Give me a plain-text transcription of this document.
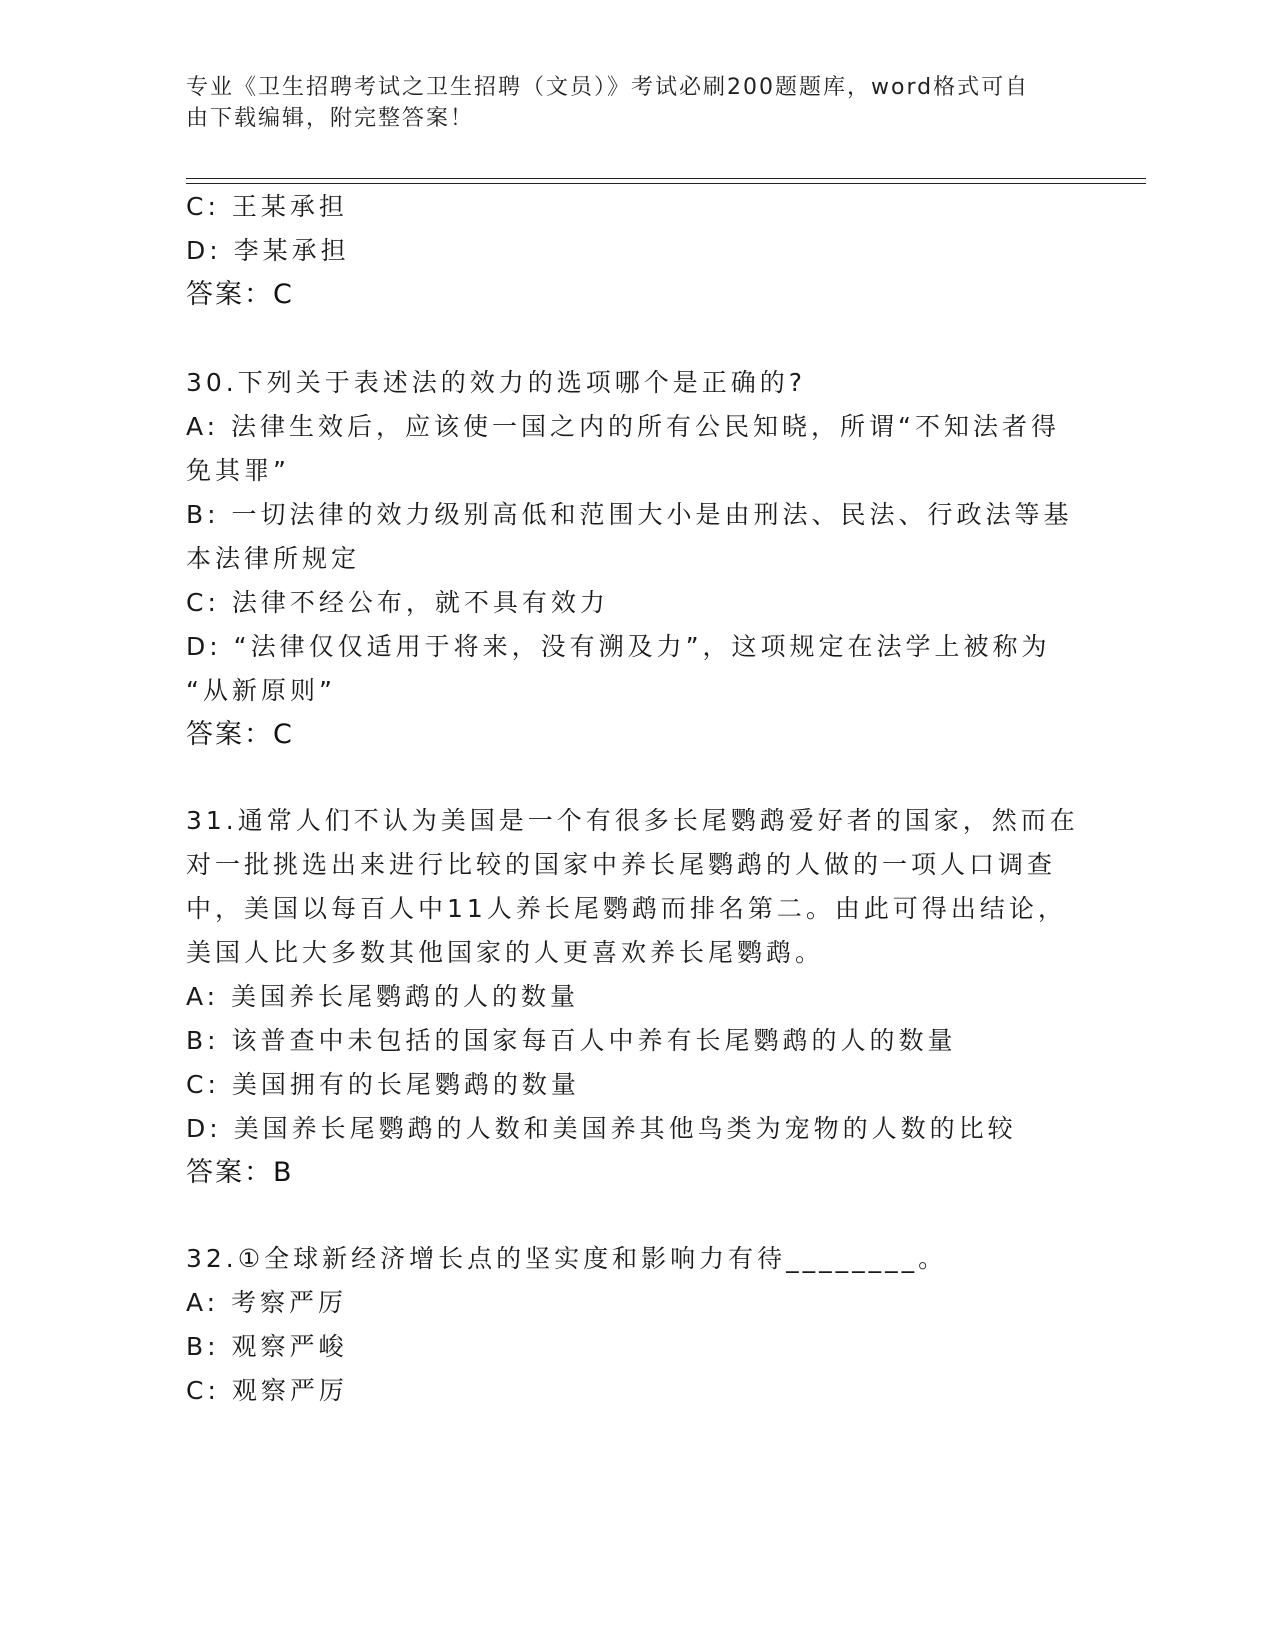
专业《卫生招聘考试之卫生招聘（文员）》考试必刷200题题库，word格式可自
由下载编辑，附完整答案！
C: 王某承担
D: 李某承担
答案：C
30.下列关于表述法的效力的选项哪个是正确的?
A: 法律生效后，应该使一国之内的所有公民知晓，所谓“不知法者得
免其罪”
B: 一切法律的效力级别高低和范围大小是由刑法、民法、行政法等基
本法律所规定
C: 法律不经公布，就不具有效力
D: “法律仅仅适用于将来，没有溯及力”，这项规定在法学上被称为
“从新原则”
答案：C
31.通常人们不认为美国是一个有很多长尾鹦鹉爱好者的国家，然而在
对一批挑选出来进行比较的国家中养长尾鹦鹉的人做的一项人口调查
中，美国以每百人中11人养长尾鹦鹉而排名第二。由此可得出结论，
美国人比大多数其他国家的人更喜欢养长尾鹦鹉。
A: 美国养长尾鹦鹉的人的数量
B: 该普查中未包括的国家每百人中养有长尾鹦鹉的人的数量
C: 美国拥有的长尾鹦鹉的数量
D: 美国养长尾鹦鹉的人数和美国养其他鸟类为宠物的人数的比较
答案：B
32.①全球新经济增长点的坚实度和影响力有待________。
A: 考察严厉
B: 观察严峻
C: 观察严厉
